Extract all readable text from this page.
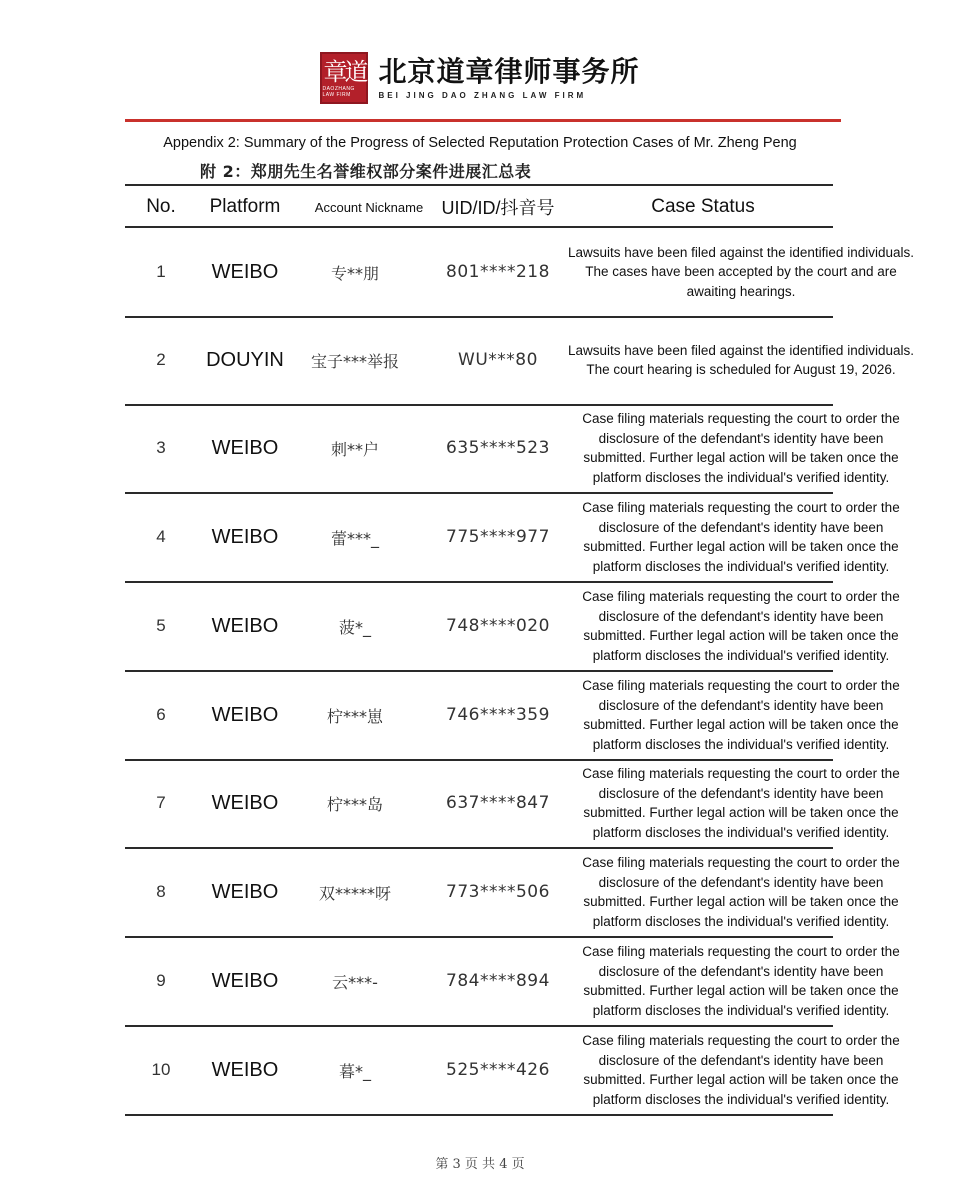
章道
DAOZHANG LAW FIRM
北京道章律师事务所
BEI JING DAO ZHANG LAW FIRM
Appendix 2: Summary of the Progress of Selected Reputation Protection Cases of Mr. Zheng Peng
附 2：郑朋先生名誉维权部分案件进展汇总表
No.	Platform	Account Nickname	UID/ID/抖音号	Case Status
1	WEIBO	专**朋	801****218
Lawsuits have been filed against the identified individuals. The cases have been accepted by the court and are awaiting hearings.
2	DOUYIN	宝子***举报	WU***80	Lawsuits have been filed against the identified individuals. The court hearing is scheduled for August 19, 2026.
3	WEIBO	刺**户	635****523
Case filing materials requesting the court to order the disclosure of the defendant's identity have been submitted. Further legal action will be taken once the platform discloses the individual's verified identity.
4	WEIBO	蕾***_	775****977
Case filing materials requesting the court to order the disclosure of the defendant's identity have been submitted. Further legal action will be taken once the platform discloses the individual's verified identity.
5	WEIBO	菠*_	748****020
Case filing materials requesting the court to order the disclosure of the defendant's identity have been submitted. Further legal action will be taken once the platform discloses the individual's verified identity.
6	WEIBO	柠***崽	746****359
Case filing materials requesting the court to order the disclosure of the defendant's identity have been submitted. Further legal action will be taken once the platform discloses the individual's verified identity.
7	WEIBO	柠***岛	637****847
Case filing materials requesting the court to order the disclosure of the defendant's identity have been submitted. Further legal action will be taken once the platform discloses the individual's verified identity.
8	WEIBO	双*****呀	773****506
Case filing materials requesting the court to order the disclosure of the defendant's identity have been submitted. Further legal action will be taken once the platform discloses the individual's verified identity.
9	WEIBO	云***-	784****894
Case filing materials requesting the court to order the disclosure of the defendant's identity have been submitted. Further legal action will be taken once the platform discloses the individual's verified identity.
10	WEIBO	暮*_	525****426
Case filing materials requesting the court to order the disclosure of the defendant's identity have been submitted. Further legal action will be taken once the platform discloses the individual's verified identity.
第 3 页 共 4 页
